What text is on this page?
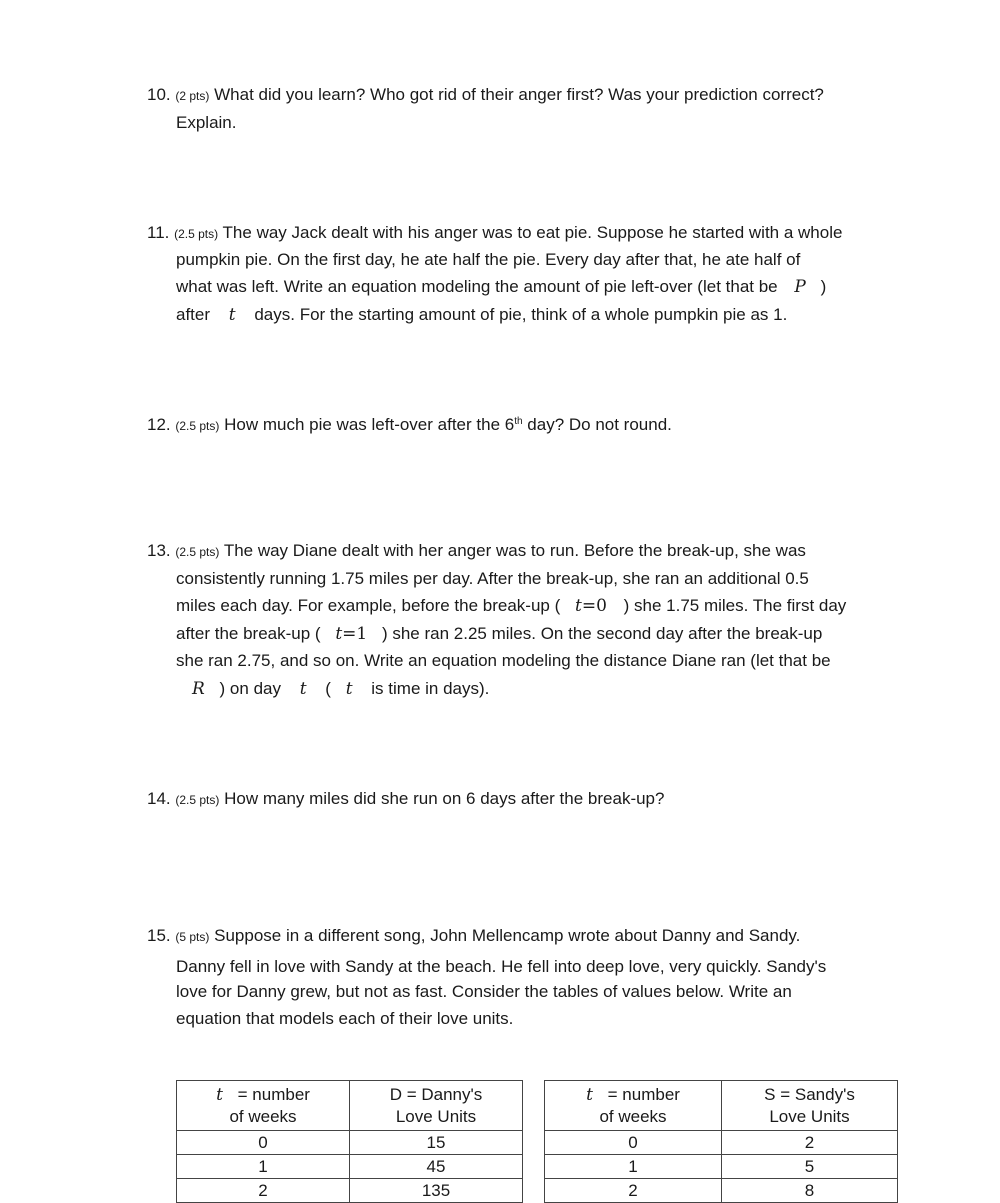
10. (2 pts) What did you learn? Who got rid of their anger first? Was your prediction correct?
Explain.
11. (2.5 pts) The way Jack dealt with his anger was to eat pie. Suppose he started with a whole
pumpkin pie. On the first day, he ate half the pie. Every day after that, he ate half of
what was left. Write an equation modeling the amount of pie left-over (let that be P )
after t days. For the starting amount of pie, think of a whole pumpkin pie as 1.
12. (2.5 pts) How much pie was left-over after the 6th day? Do not round.
13. (2.5 pts) The way Diane dealt with her anger was to run. Before the break-up, she was
consistently running 1.75 miles per day. After the break-up, she ran an additional 0.5
miles each day. For example, before the break-up ( t=0 ) she 1.75 miles. The first day
after the break-up ( t=1 ) she ran 2.25 miles. On the second day after the break-up
she ran 2.75, and so on. Write an equation modeling the distance Diane ran (let that be
R ) on day t ( t is time in days).
14. (2.5 pts) How many miles did she run on 6 days after the break-up?
15. (5 pts) Suppose in a different song, John Mellencamp wrote about Danny and Sandy.
Danny fell in love with Sandy at the beach. He fell into deep love, very quickly. Sandy's
love for Danny grew, but not as fast. Consider the tables of values below. Write an
equation that models each of their love units.
t = number
of weeks	D = Danny's
Love Units
0	15
1	45
2	135
t = number
of weeks	S = Sandy's
Love Units
0	2
1	5
2	8
